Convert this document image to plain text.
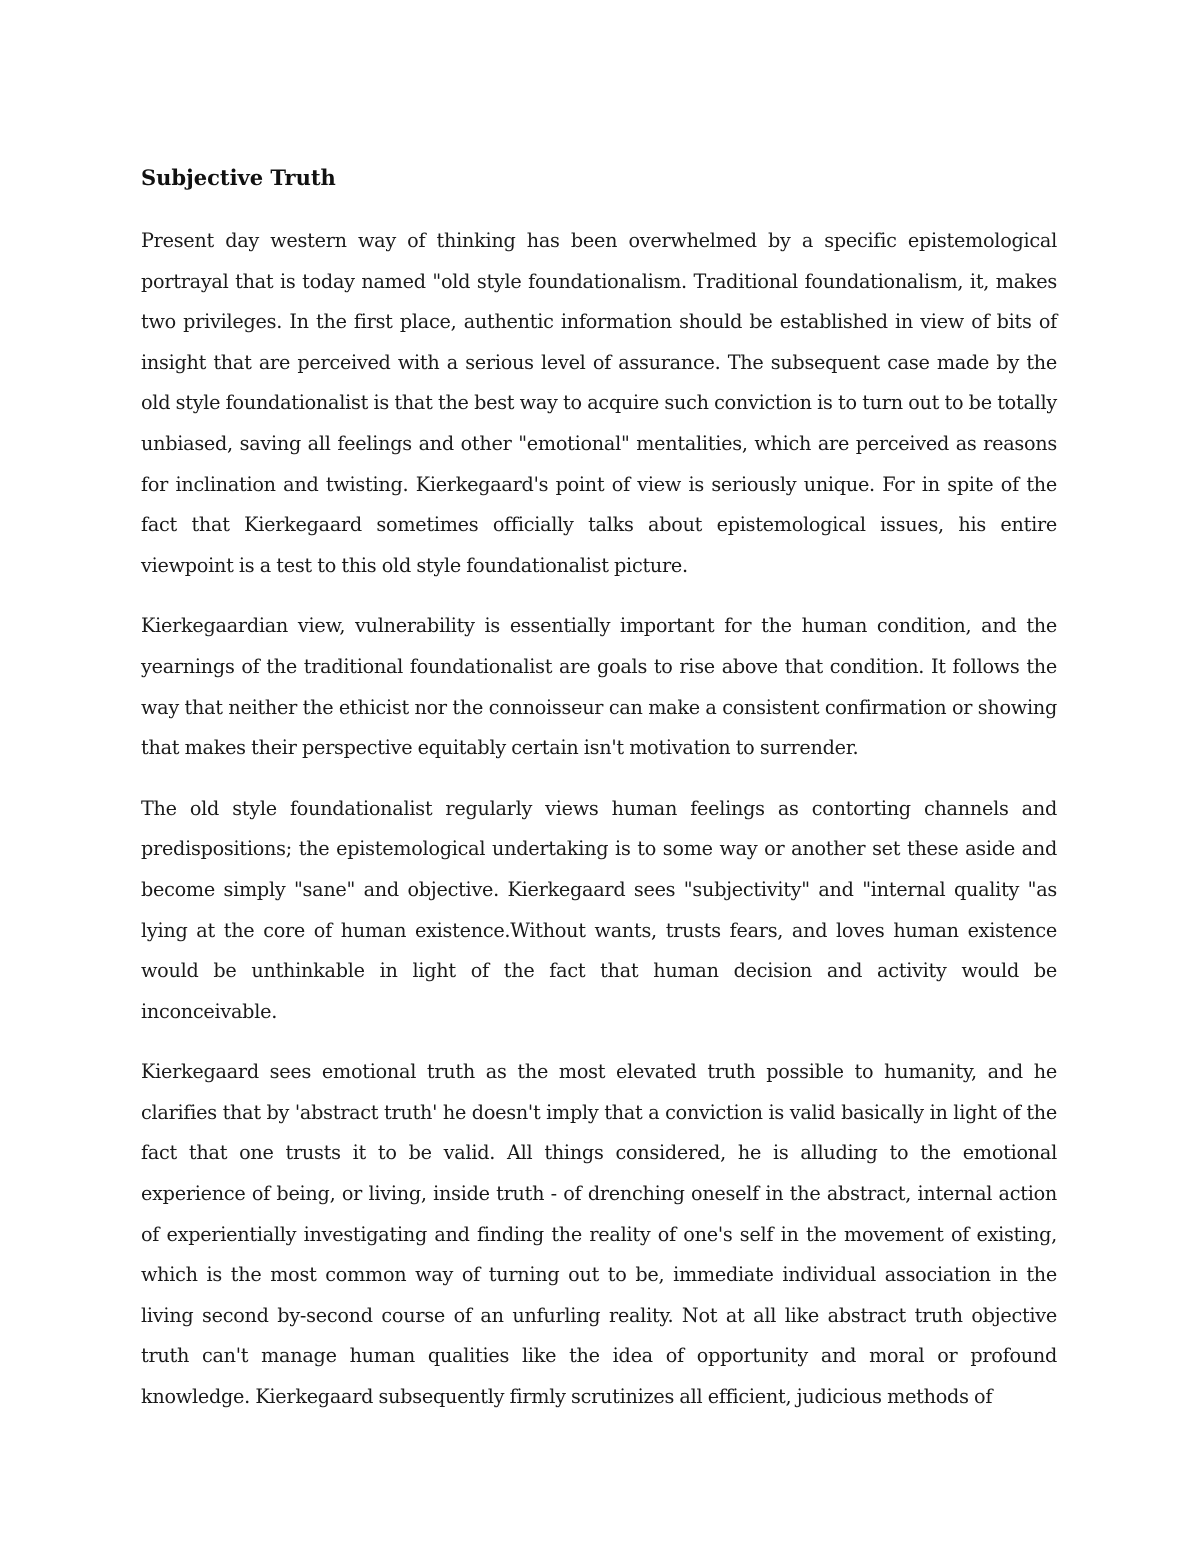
Subjective Truth

Present day western way of thinking has been overwhelmed by a specific epistemological portrayal that is today named "old style foundationalism. Traditional foundationalism, it, makes two privileges. In the first place, authentic information should be established in view of bits of insight that are perceived with a serious level of assurance. The subsequent case made by the old style foundationalist is that the best way to acquire such conviction is to turn out to be totally unbiased, saving all feelings and other "emotional" mentalities, which are perceived as reasons for inclination and twisting. Kierkegaard's point of view is seriously unique. For in spite of the fact that Kierkegaard sometimes officially talks about epistemological issues, his entire viewpoint is a test to this old style foundationalist picture.

Kierkegaardian view, vulnerability is essentially important for the human condition, and the yearnings of the traditional foundationalist are goals to rise above that condition. It follows the way that neither the ethicist nor the connoisseur can make a consistent confirmation or showing that makes their perspective equitably certain isn't motivation to surrender.

The old style foundationalist regularly views human feelings as contorting channels and predispositions; the epistemological undertaking is to some way or another set these aside and become simply "sane" and objective. Kierkegaard sees "subjectivity" and "internal quality "as lying at the core of human existence.Without wants, trusts fears, and loves human existence would be unthinkable in light of the fact that human decision and activity would be inconceivable.

Kierkegaard sees emotional truth as the most elevated truth possible to humanity, and he clarifies that by 'abstract truth' he doesn't imply that a conviction is valid basically in light of the fact that one trusts it to be valid. All things considered, he is alluding to the emotional experience of being, or living, inside truth - of drenching oneself in the abstract, internal action of experientially investigating and finding the reality of one's self in the movement of existing, which is the most common way of turning out to be, immediate individual association in the living second by-second course of an unfurling reality. Not at all like abstract truth objective truth can't manage human qualities like the idea of opportunity and moral or profound knowledge. Kierkegaard subsequently firmly scrutinizes all efficient, judicious methods of
